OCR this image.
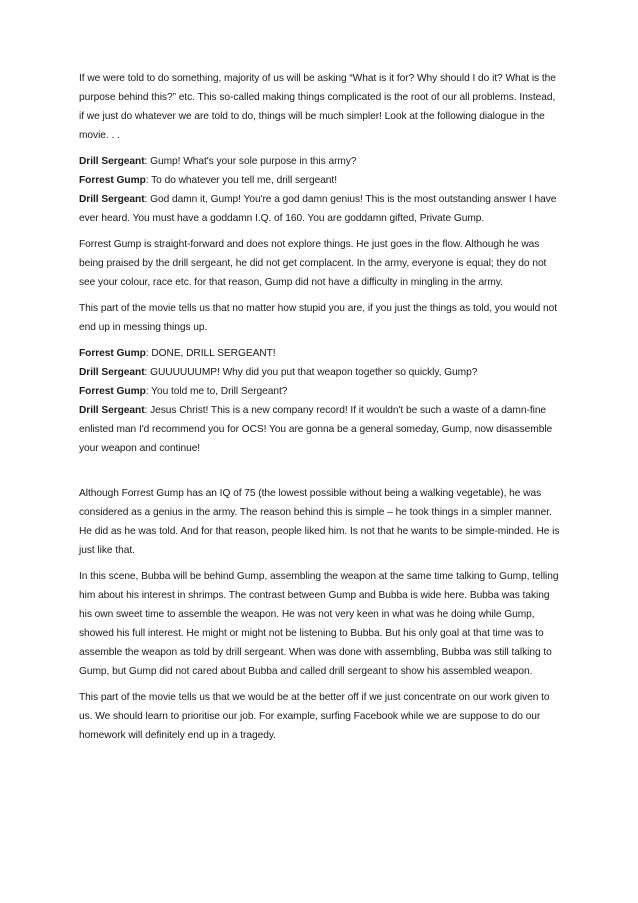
If we were told to do something, majority of us will be asking “What is it for? Why should I do it? What is the purpose behind this?” etc. This so-called making things complicated is the root of our all problems. Instead, if we just do whatever we are told to do, things will be much simpler! Look at the following dialogue in the movie. . .

Drill Sergeant: Gump! What's your sole purpose in this army?
Forrest Gump: To do whatever you tell me, drill sergeant!
Drill Sergeant: God damn it, Gump! You're a god damn genius! This is the most outstanding answer I have ever heard. You must have a goddamn I.Q. of 160. You are goddamn gifted, Private Gump.

Forrest Gump is straight-forward and does not explore things. He just goes in the flow. Although he was being praised by the drill sergeant, he did not get complacent. In the army, everyone is equal; they do not see your colour, race etc. for that reason, Gump did not have a difficulty in mingling in the army.

This part of the movie tells us that no matter how stupid you are, if you just the things as told, you would not end up in messing things up.

Forrest Gump: DONE, DRILL SERGEANT!
Drill Sergeant: GUUUUUUMP! Why did you put that weapon together so quickly, Gump?
Forrest Gump: You told me to, Drill Sergeant?
Drill Sergeant: Jesus Christ! This is a new company record! If it wouldn't be such a waste of a damn-fine enlisted man I'd recommend you for OCS! You are gonna be a general someday, Gump, now disassemble your weapon and continue!

Although Forrest Gump has an IQ of 75 (the lowest possible without being a walking vegetable), he was considered as a genius in the army. The reason behind this is simple – he took things in a simpler manner. He did as he was told. And for that reason, people liked him. Is not that he wants to be simple-minded. He is just like that.

In this scene, Bubba will be behind Gump, assembling the weapon at the same time talking to Gump, telling him about his interest in shrimps. The contrast between Gump and Bubba is wide here. Bubba was taking his own sweet time to assemble the weapon. He was not very keen in what was he doing while Gump, showed his full interest. He might or might not be listening to Bubba. But his only goal at that time was to assemble the weapon as told by drill sergeant. When was done with assembling, Bubba was still talking to Gump, but Gump did not cared about Bubba and called drill sergeant to show his assembled weapon.

This part of the movie tells us that we would be at the better off if we just concentrate on our work given to us. We should learn to prioritise our job. For example, surfing Facebook while we are suppose to do our homework will definitely end up in a tragedy.
